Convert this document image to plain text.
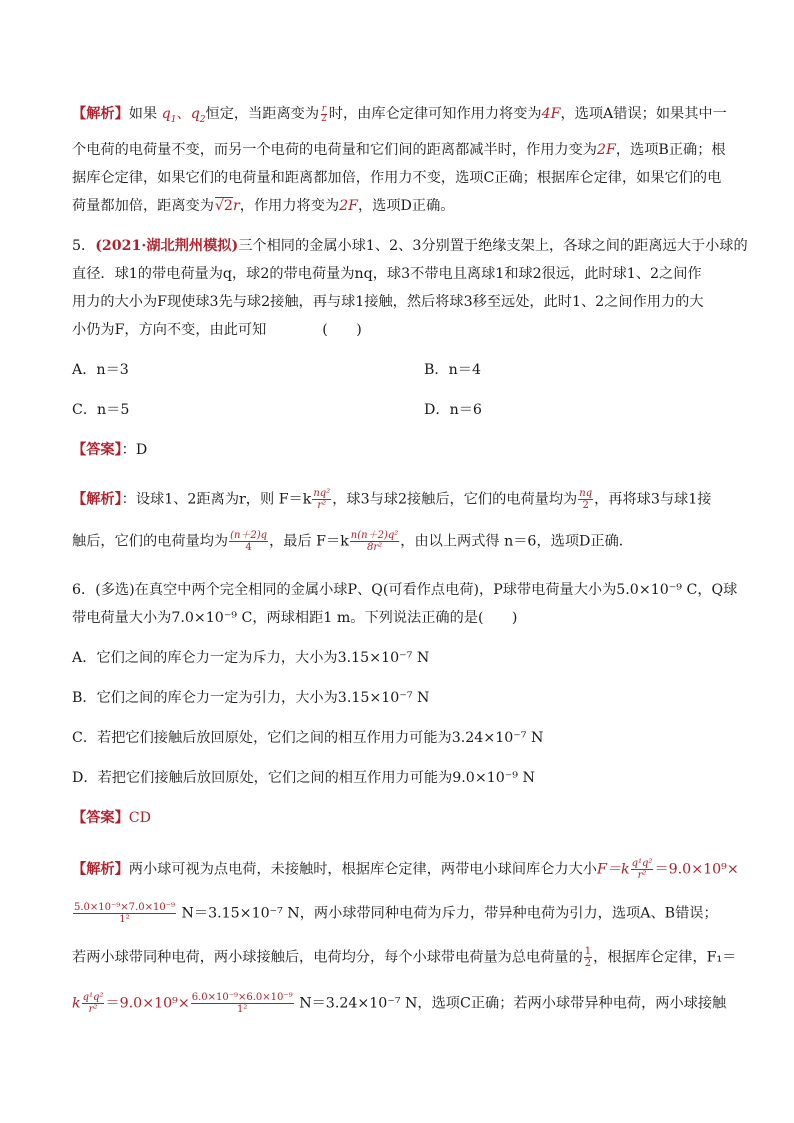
【解析】如果 $q_1$、$q_2$恒定，当距离变为 $\frac{r}{2}$ 时，由库仑定律可知作用力将变为4F，选项A错误；如果其中一
个电荷的电荷量不变，而另一个电荷的电荷量和它们间的距离都减半时，作用力变为2F，选项B正确；根
据库仑定律，如果它们的电荷量和距离都加倍，作用力不变，选项C正确；根据库仑定律，如果它们的电
荷量都加倍，距离变为√2r，作用力将变为2F，选项D正确。
5．(2021·湖北荆州模拟)三个相同的金属小球1、2、3分别置于绝缘支架上，各球之间的距离远大于小球的
直径．球1的带电荷量为q，球2的带电荷量为nq，球3不带电且离球1和球2很远，此时球1、2之间作
用力的大小为F现使球3先与球2接触，再与球1接触，然后将球3移至远处，此时1、2之间作用力的大
小仍为F，方向不变，由此可知	(　　)
A．n＝3	B．n＝4
C．n＝5	D．n＝6
【答案】：D
【解析】：设球1、2距离为r，则 $F=k \frac{\text{nq²}}{\text{r²}}$ ，球3与球2接触后，它们的电荷量均为 $\frac{nq}{2}$ ，再将球3与球1接
触后，它们的电荷量均为 $\frac{(n+2)q}{4}$ ，最后 $F=k \frac{\text{n(n＋2)q²}}{\text{8r²}}$ ，由以上两式得 n＝6，选项D正确．
6．(多选)在真空中两个完全相同的金属小球P、Q(可看作点电荷)，P球带电荷量大小为5.0×10⁻⁹ C，Q球
带电荷量大小为7.0×10⁻⁹ C，两球相距1 m。下列说法正确的是(　　)
A．它们之间的库仑力一定为斥力，大小为3.15×10⁻⁷ N
B．它们之间的库仑力一定为引力，大小为3.15×10⁻⁷ N
C．若把它们接触后放回原处，它们之间的相互作用力可能为3.24×10⁻⁷ N
D．若把它们接触后放回原处，它们之间的相互作用力可能为9.0×10⁻⁹ N
【答案】CD
【解析】两小球可视为点电荷，未接触时，根据库仑定律，两带电小球间库仑力大小$F=k \frac{\text{q¹q²}}{\text{r²}} =9.0\times 10^9\times$
$\frac{\text{5.0×10⁻⁹×7.0×10⁻⁹}}{\text{1²}} N=3.15\times 10^{-7}$ N，两小球带同种电荷为斥力，带异种电荷为引力，选项A、B错误；
若两小球带同种电荷，两小球接触后，电荷均分，每个小球带电荷量为总电荷量的 $\frac{1}{2}$ ，根据库仑定律，F₁＝
k $\frac{\text{q¹q²}}{\text{r²}} =9.0\times 10^9\times \frac{\text{6.0×10⁻⁹×6.0×10⁻⁹}}{\text{1²}} N=3.24\times 10^{-7}$ N，选项C正确；若两小球带异种电荷，两小球接触
